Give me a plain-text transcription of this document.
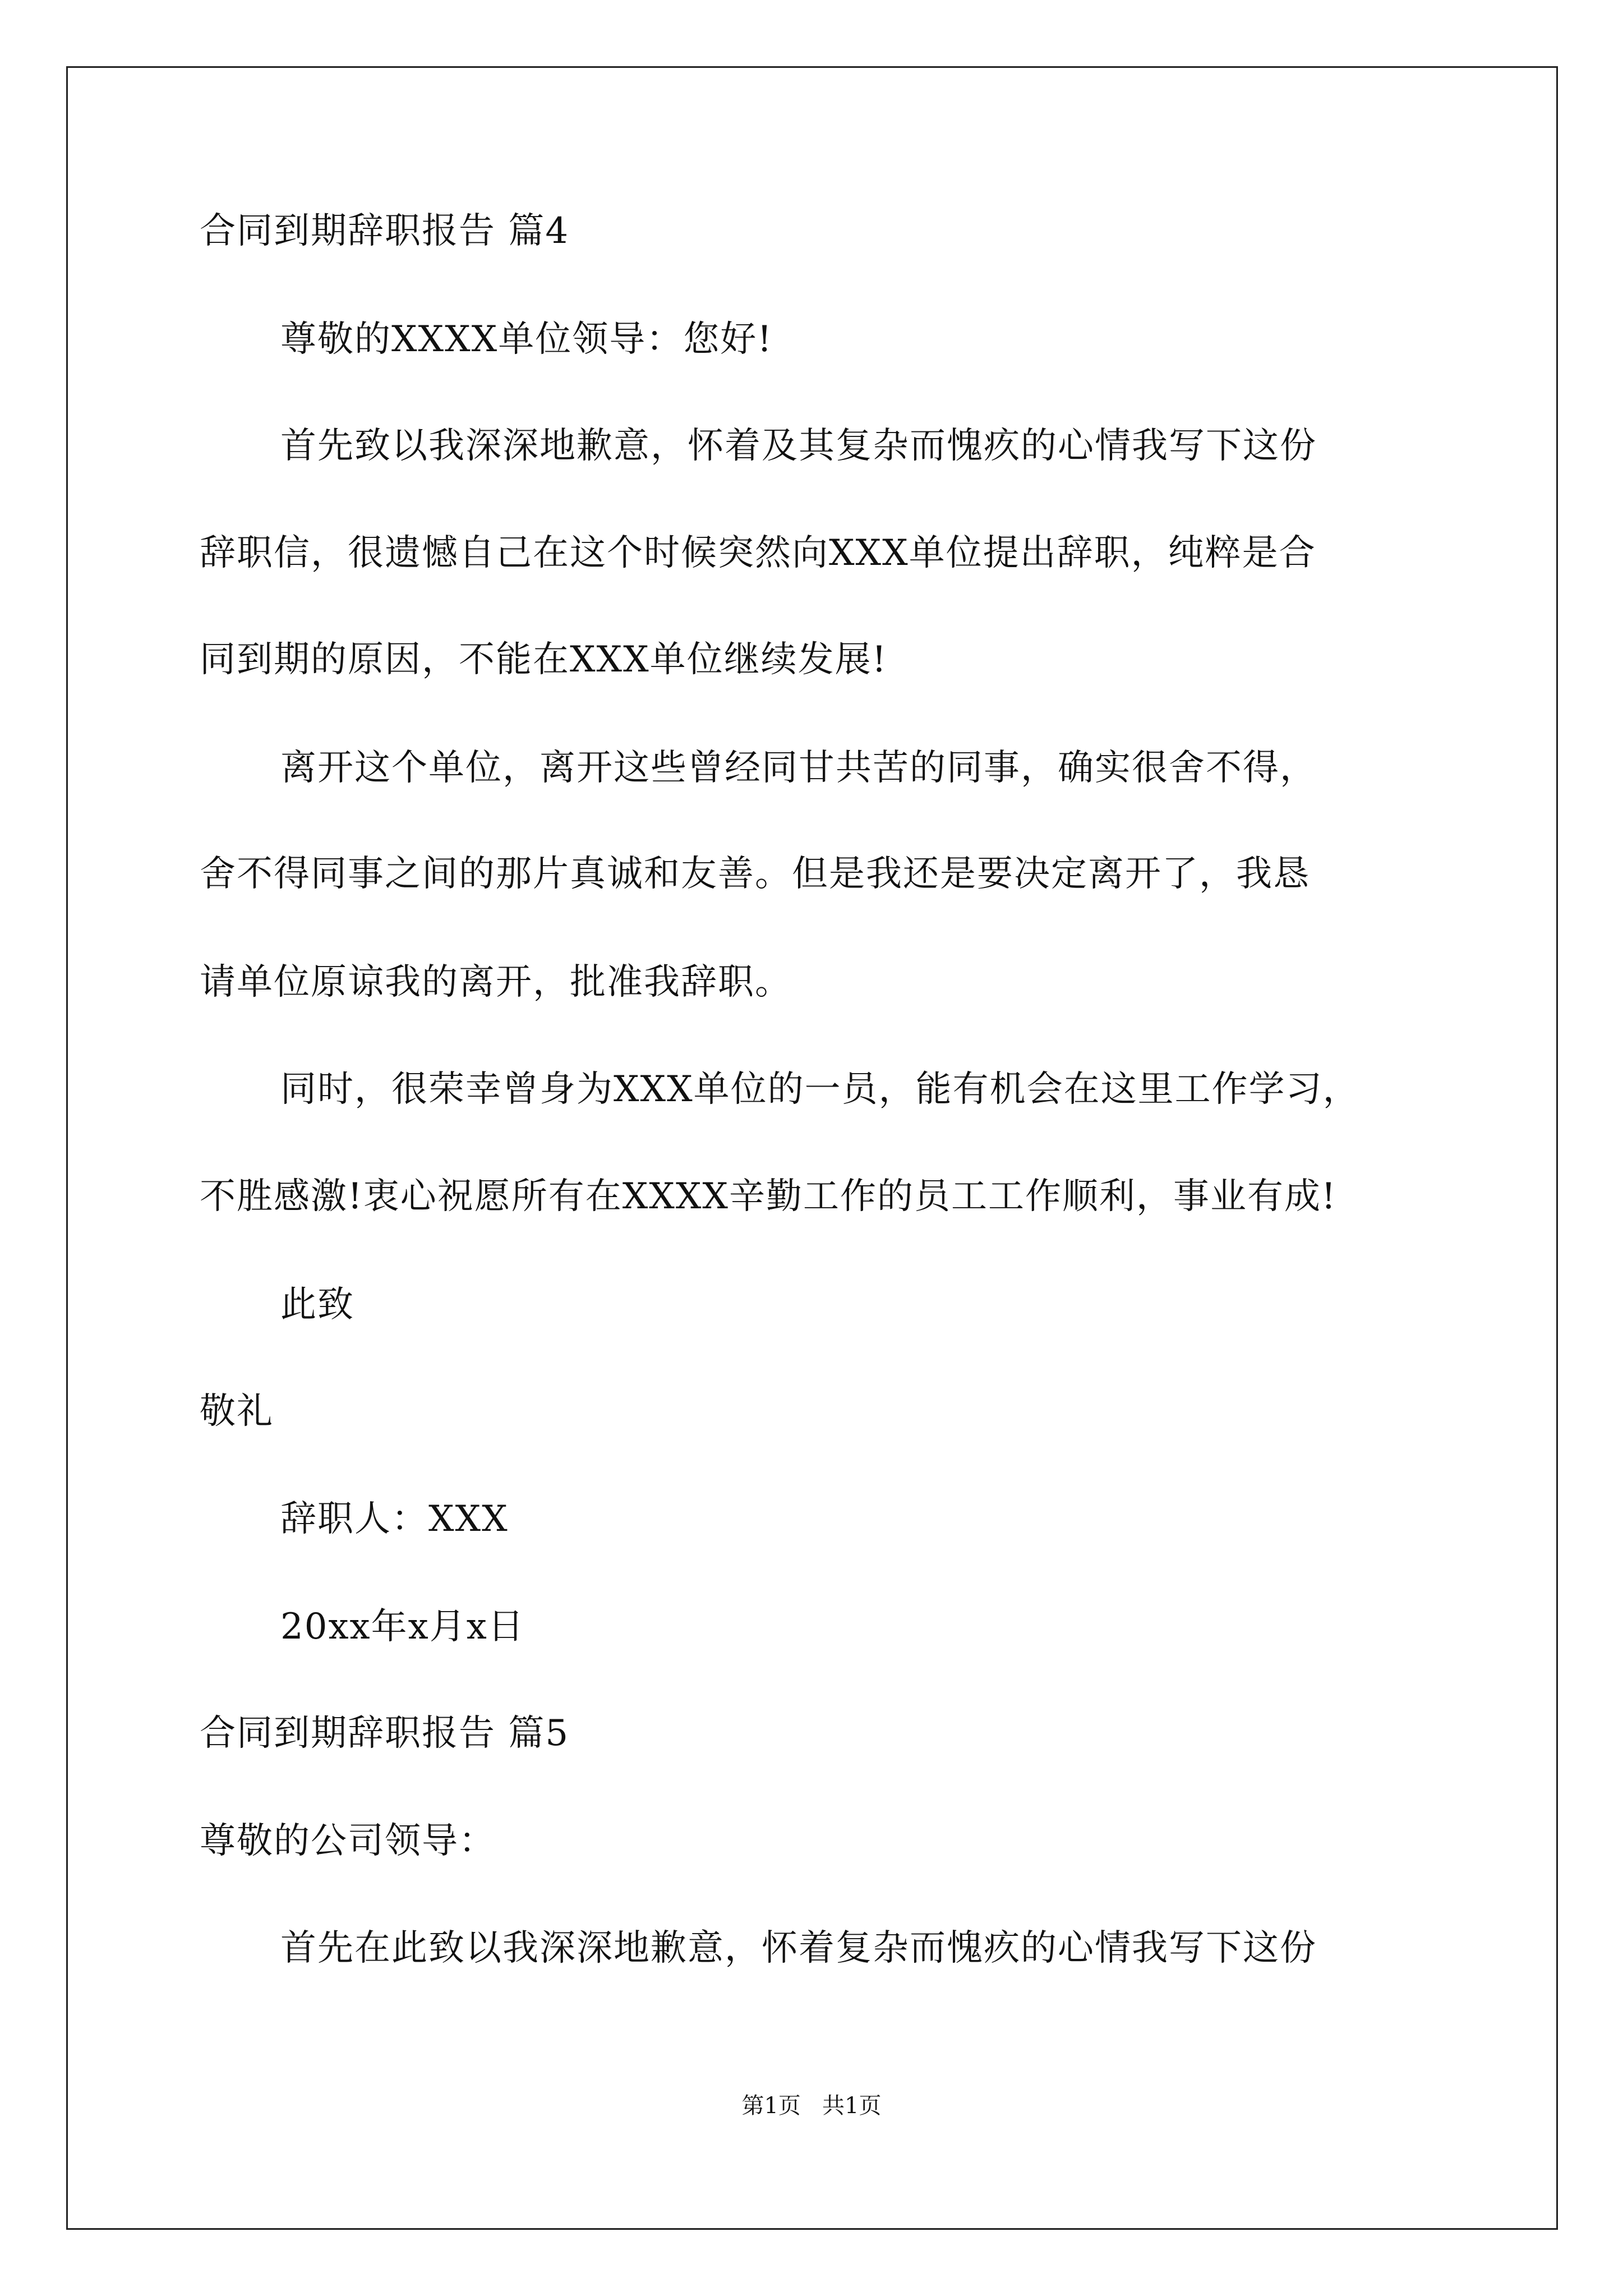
合同到期辞职报告 篇4
尊敬的XXXX单位领导：您好!
首先致以我深深地歉意，怀着及其复杂而愧疚的心情我写下这份
辞职信，很遗憾自己在这个时候突然向XXX单位提出辞职，纯粹是合
同到期的原因，不能在XXX单位继续发展!
离开这个单位，离开这些曾经同甘共苦的同事，确实很舍不得，
舍不得同事之间的那片真诚和友善。但是我还是要决定离开了，我恳
请单位原谅我的离开，批准我辞职。
同时，很荣幸曾身为XXX单位的一员，能有机会在这里工作学习，
不胜感激!衷心祝愿所有在XXXX辛勤工作的员工工作顺利，事业有成!
此致
敬礼
辞职人：XXX
20xx年x月x日
合同到期辞职报告 篇5
尊敬的公司领导：
首先在此致以我深深地歉意，怀着复杂而愧疚的心情我写下这份
第1页   共1页
